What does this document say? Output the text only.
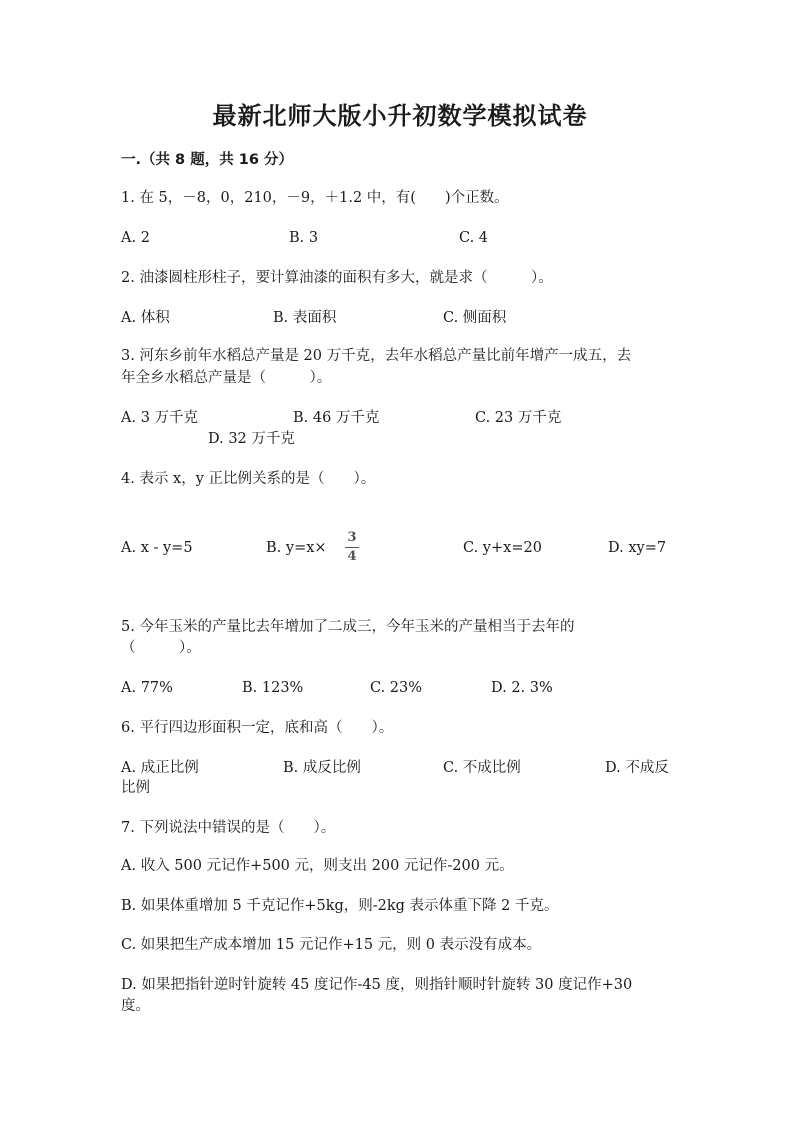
最新北师大版小升初数学模拟试卷
一.（共 8 题，共 16 分）
1. 在 5，－8，0，210，－9，＋1.2 中，有(　　)个正数。
A. 2	B. 3	C. 4
2. 油漆圆柱形柱子，要计算油漆的面积有多大，就是求（　　　）。
A. 体积	B. 表面积	C. 侧面积
3. 河东乡前年水稻总产量是 20 万千克，去年水稻总产量比前年增产一成五，去
年全乡水稻总产量是（　　　）。
A. 3 万千克	B. 46 万千克	C. 23 万千克
D. 32 万千克
4. 表示 x，y 正比例关系的是（　　）。
A. x - y=5	B. y=x×
3
4
C. y+x=20	D. xy=7
5. 今年玉米的产量比去年增加了二成三，今年玉米的产量相当于去年的
（　　　）。
A. 77%	B. 123%	C. 23%	D. 2. 3%
6. 平行四边形面积一定，底和高（　　）。
A. 成正比例	B. 成反比例	C. 不成比例	D. 不成反
比例
7. 下列说法中错误的是（　　）。
A. 收入 500 元记作+500 元，则支出 200 元记作-200 元。
B. 如果体重增加 5 千克记作+5kg，则-2kg 表示体重下降 2 千克。
C. 如果把生产成本增加 15 元记作+15 元，则 0 表示没有成本。
D. 如果把指针逆时针旋转 45 度记作-45 度，则指针顺时针旋转 30 度记作+30
度。
